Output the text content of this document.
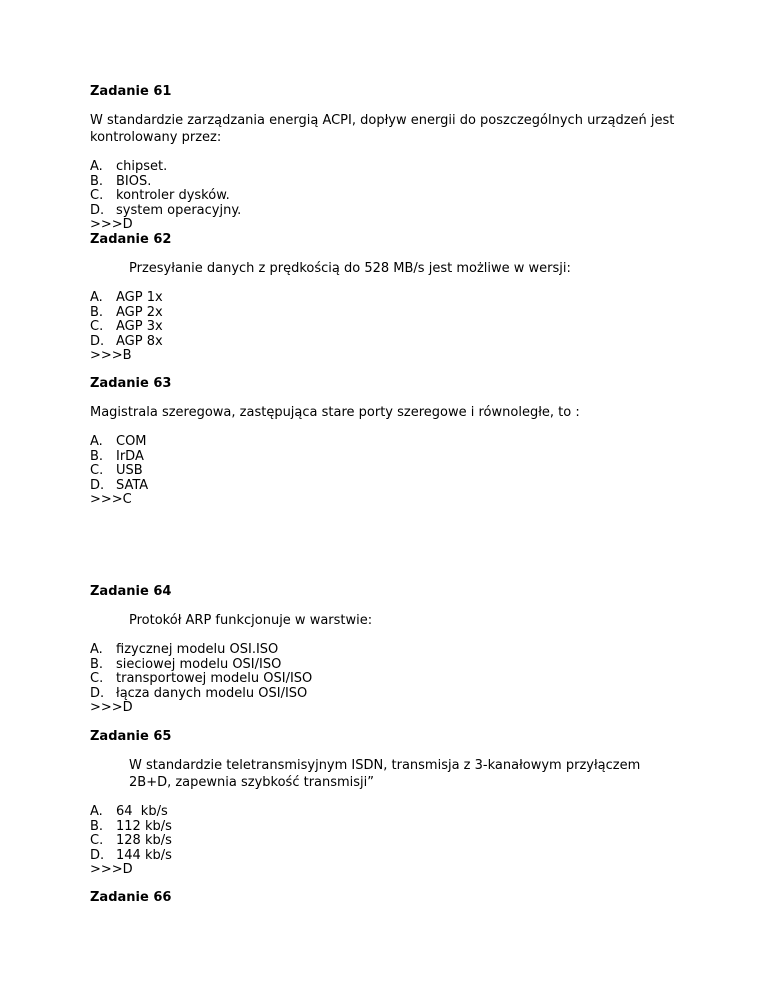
Zadanie 61

W standardzie zarządzania energią ACPI, dopływ energii do poszczególnych urządzeń jest kontrolowany przez:

A.	chipset.
B. BIOS.
C. kontroler dysków.
D. system operacyjny.

>>>D

Zadanie 62

Przesyłanie danych z prędkością do 528 MB/s jest możliwe w wersji:

A.	AGP 1x
B. AGP 2x
C. AGP 3x
D. AGP 8x

>>>B

Zadanie 63

Magistrala szeregowa, zastępująca stare porty szeregowe i równoległe, to :

A.	COM
B. IrDA
C. USB
D. SATA

>>>C

Zadanie 64

Protokół ARP funkcjonuje w warstwie:

A.	fizycznej modelu OSI.ISO
B. sieciowej modelu OSI/ISO
C. transportowej modelu OSI/ISO
D. łącza danych modelu OSI/ISO

>>>D

Zadanie 65

W standardzie teletransmisyjnym ISDN, transmisja z 3-kanałowym przyłączem 2B+D, zapewnia szybkość transmisji”

A.	64  kb/s
B. 112 kb/s
C. 128 kb/s
D. 144 kb/s

>>>D

Zadanie 66
